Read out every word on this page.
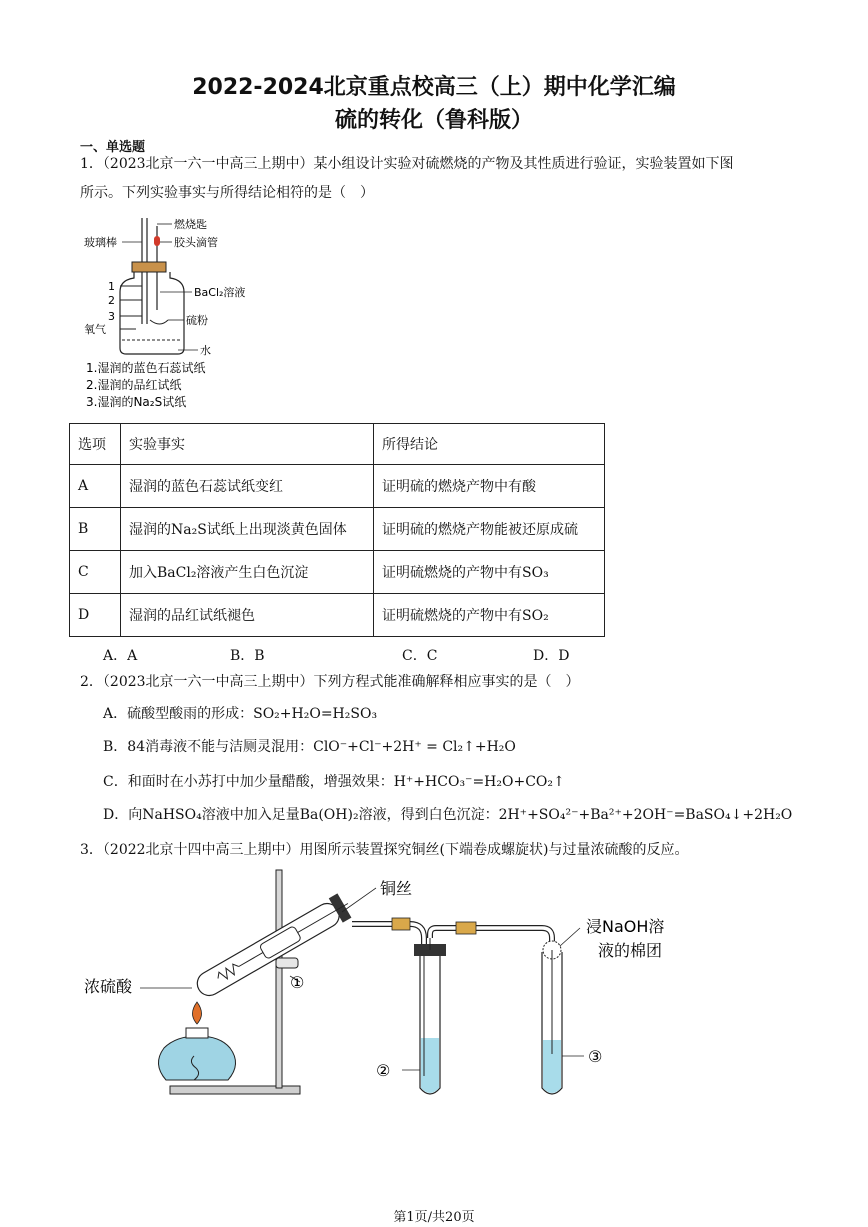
2022-2024北京重点校高三（上）期中化学汇编
硫的转化（鲁科版）
一、单选题
1．（2023北京一六一中高三上期中）某小组设计实验对硫燃烧的产物及其性质进行验证，实验装置如下图
所示。下列实验事实与所得结论相符的是（　）
玻璃棒
燃烧匙
胶头滴管
BaCl₂溶液
硫粉
1
2
3
氧气
水
1.湿润的蓝色石蕊试纸
2.湿润的品红试纸
3.湿润的Na₂S试纸
选项	实验事实	所得结论
A	湿润的蓝色石蕊试纸变红	证明硫的燃烧产物中有酸
B	湿润的Na₂S试纸上出现淡黄色固体	证明硫的燃烧产物能被还原成硫
C	加入BaCl₂溶液产生白色沉淀	证明硫燃烧的产物中有SO₃
D	湿润的品红试纸褪色	证明硫燃烧的产物中有SO₂
A．A	B．B	C．C	D．D
2．（2023北京一六一中高三上期中）下列方程式能准确解释相应事实的是（　）
A．硫酸型酸雨的形成：SO₂+H₂O=H₂SO₃
B．84消毒液不能与洁厕灵混用：ClO⁻+Cl⁻+2H⁺ = Cl₂↑+H₂O
C．和面时在小苏打中加少量醋酸，增强效果：H⁺+HCO₃⁻=H₂O+CO₂↑
D．向NaHSO₄溶液中加入足量Ba(OH)₂溶液，得到白色沉淀：2H⁺+SO₄²⁻+Ba²⁺+2OH⁻=BaSO₄↓+2H₂O
3．（2022北京十四中高三上期中）用图所示装置探究铜丝(下端卷成螺旋状)与过量浓硫酸的反应。
铜丝
浓硫酸
浸NaOH溶
液的棉团
①
②
③
第1页/共20页
